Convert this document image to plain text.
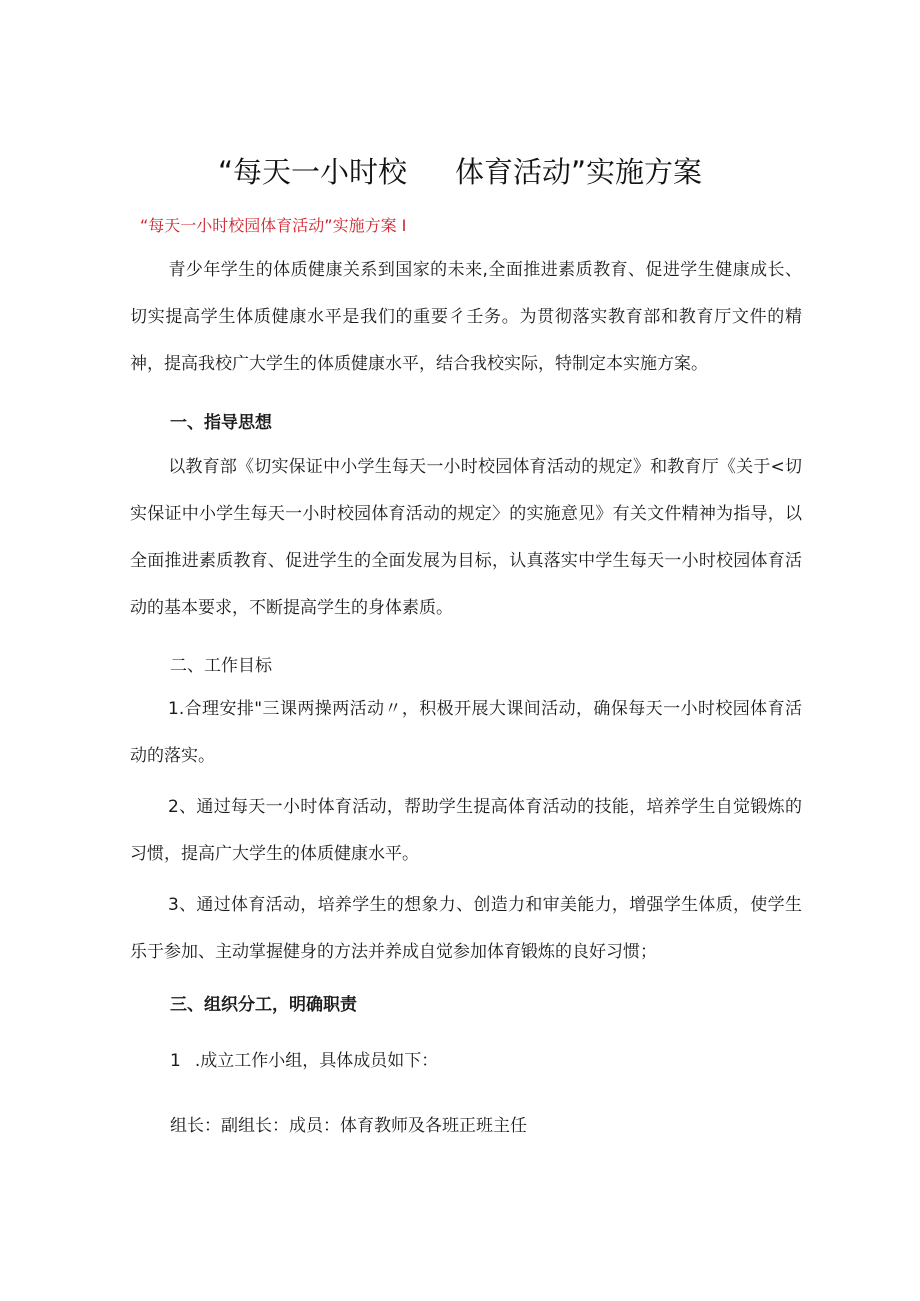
“每天一小时校 体育活动”实施方案
“每天一小时校园体育活动”实施方案 I
青少年学生的体质健康关系到国家的未来,全面推进素质教育、促进学生健康成长、切实提高学生体质健康水平是我们的重要彳壬务。为贯彻落实教育部和教育厅文件的精神，提高我校广大学生的体质健康水平，结合我校实际，特制定本实施方案。
一、指导思想
以教育部《切实保证中小学生每天一小时校园体育活动的规定》和教育厅《关于<切实保证中小学生每天一小时校园体育活动的规定〉的实施意见》有关文件精神为指导，以全面推进素质教育、促进学生的全面发展为目标，认真落实中学生每天一小时校园体育活动的基本要求，不断提高学生的身体素质。
二、工作目标
1.合理安排"三课两操两活动〃，积极开展大课间活动，确保每天一小时校园体育活动的落实。
2、通过每天一小时体育活动，帮助学生提高体育活动的技能，培养学生自觉锻炼的习惯，提高广大学生的体质健康水平。
3、通过体育活动，培养学生的想象力、创造力和审美能力，增强学生体质，使学生乐于参加、主动掌握健身的方法并养成自觉参加体育锻炼的良好习惯；
三、组织分工，明确职责
1 .成立工作小组，具体成员如下：
组长：副组长：成员：体育教师及各班正班主任
